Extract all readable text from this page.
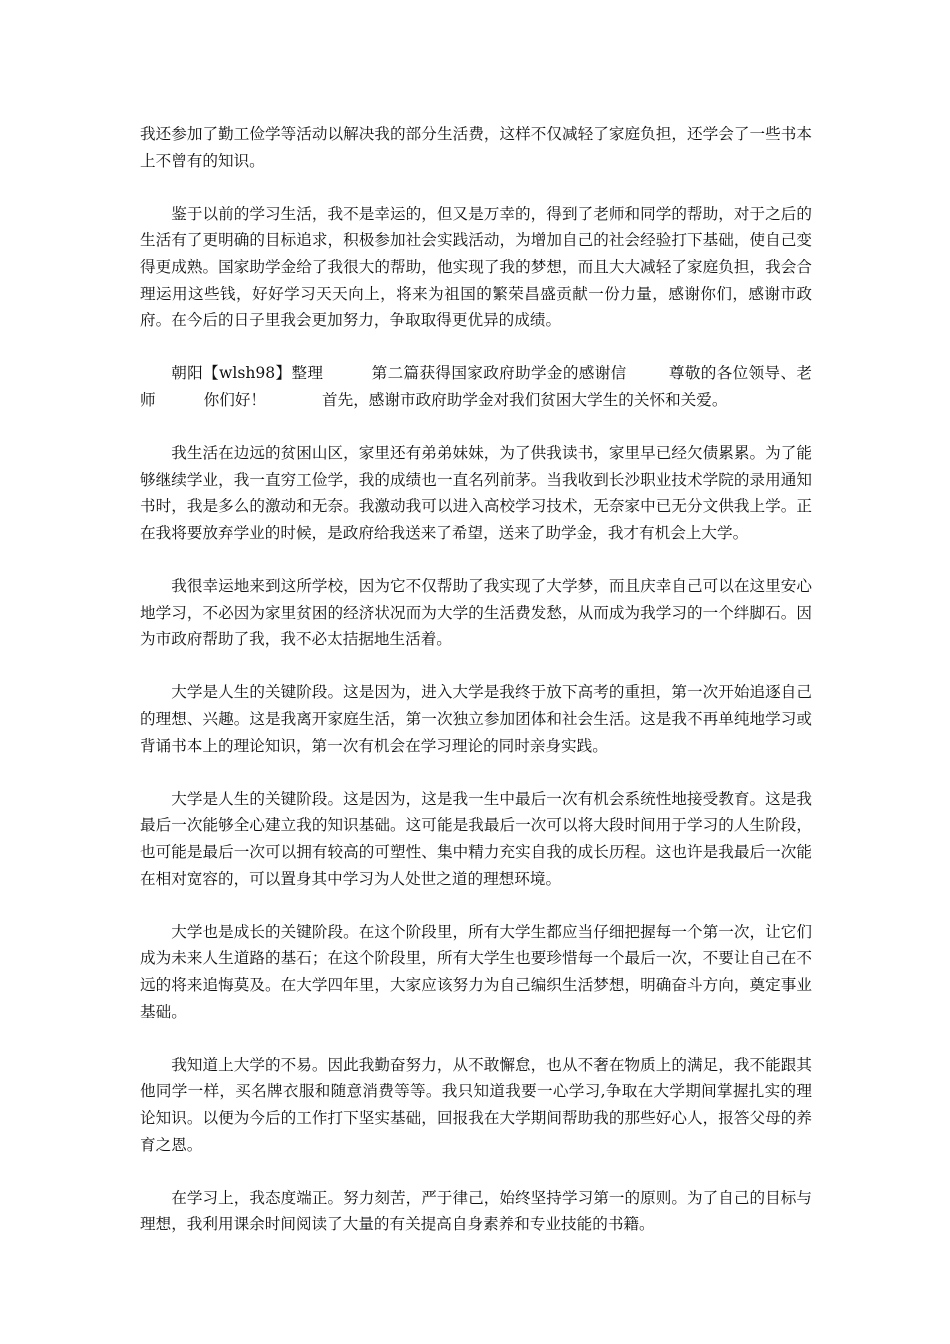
我还参加了勤工俭学等活动以解决我的部分生活费，这样不仅减轻了家庭负担，还学会了一些书本上不曾有的知识。

鉴于以前的学习生活，我不是幸运的，但又是万幸的，得到了老师和同学的帮助，对于之后的生活有了更明确的目标追求，积极参加社会实践活动，为增加自己的社会经验打下基础，使自己变得更成熟。国家助学金给了我很大的帮助，他实现了我的梦想，而且大大减轻了家庭负担，我会合理运用这些钱，好好学习天天向上，将来为祖国的繁荣昌盛贡献一份力量，感谢你们，感谢市政府。在今后的日子里我会更加努力，争取取得更优异的成绩。

朝阳【wlsh98】整理	第二篇获得国家政府助学金的感谢信	尊敬的各位领导、老师	你们好！	首先，感谢市政府助学金对我们贫困大学生的关怀和关爱。

我生活在边远的贫困山区，家里还有弟弟妹妹，为了供我读书，家里早已经欠债累累。为了能够继续学业，我一直穷工俭学，我的成绩也一直名列前茅。当我收到长沙职业技术学院的录用通知书时，我是多么的激动和无奈。我激动我可以进入高校学习技术，无奈家中已无分文供我上学。正在我将要放弃学业的时候，是政府给我送来了希望，送来了助学金，我才有机会上大学。

我很幸运地来到这所学校，因为它不仅帮助了我实现了大学梦，而且庆幸自己可以在这里安心地学习，不必因为家里贫困的经济状况而为大学的生活费发愁，从而成为我学习的一个绊脚石。因为市政府帮助了我，我不必太拮据地生活着。

大学是人生的关键阶段。这是因为，进入大学是我终于放下高考的重担，第一次开始追逐自己的理想、兴趣。这是我离开家庭生活，第一次独立参加团体和社会生活。这是我不再单纯地学习或背诵书本上的理论知识，第一次有机会在学习理论的同时亲身实践。

大学是人生的关键阶段。这是因为，这是我一生中最后一次有机会系统性地接受教育。这是我最后一次能够全心建立我的知识基础。这可能是我最后一次可以将大段时间用于学习的人生阶段，也可能是最后一次可以拥有较高的可塑性、集中精力充实自我的成长历程。这也许是我最后一次能在相对宽容的，可以置身其中学习为人处世之道的理想环境。

大学也是成长的关键阶段。在这个阶段里，所有大学生都应当仔细把握每一个第一次，让它们成为未来人生道路的基石；在这个阶段里，所有大学生也要珍惜每一个最后一次，不要让自己在不远的将来追悔莫及。在大学四年里，大家应该努力为自己编织生活梦想，明确奋斗方向，奠定事业基础。

我知道上大学的不易。因此我勤奋努力，从不敢懈怠，也从不奢在物质上的满足，我不能跟其他同学一样，买名牌衣服和随意消费等等。我只知道我要一心学习,争取在大学期间掌握扎实的理论知识。以便为今后的工作打下坚实基础，回报我在大学期间帮助我的那些好心人，报答父母的养育之恩。

在学习上，我态度端正。努力刻苦，严于律己，始终坚持学习第一的原则。为了自己的目标与理想，我利用课余时间阅读了大量的有关提高自身素养和专业技能的书籍。
